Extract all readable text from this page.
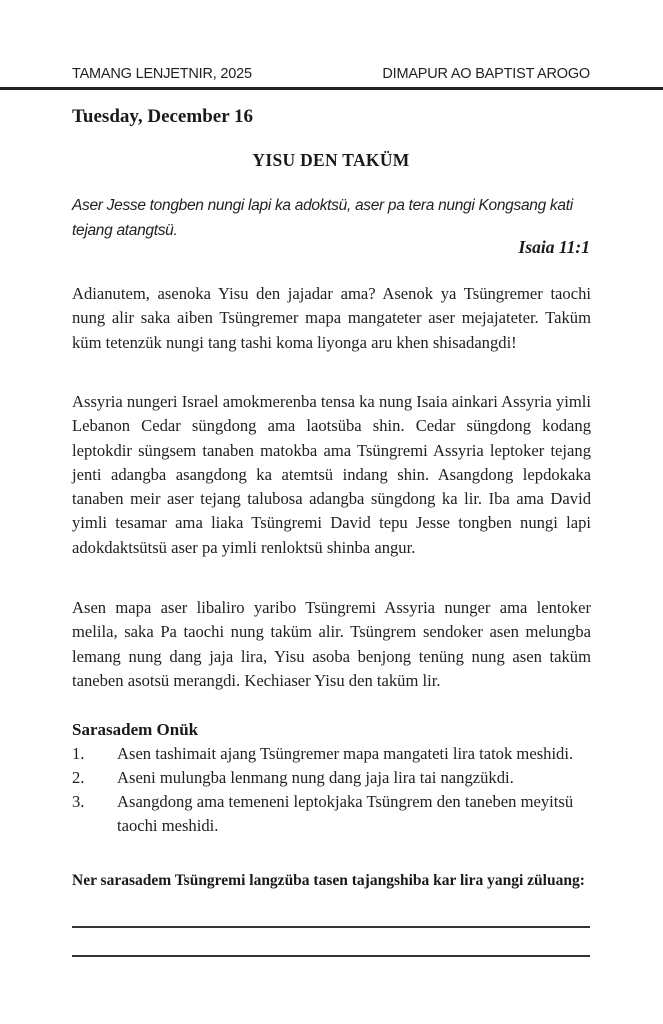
TAMANG LENJETNIR, 2025	DIMAPUR AO BAPTIST AROGO
Tuesday, December 16
YISU DEN TAKÜM
Aser Jesse tongben nungi lapi ka adoktsü, aser pa tera nungi Kongsang kati tejang atangtsü.
Isaia 11:1

Adianutem, asenoka Yisu den jajadar ama? Asenok ya Tsüngremer taochi nung alir saka aiben Tsüngremer mapa mangateter aser mejajateter. Taküm küm tetenzük nungi tang tashi koma liyonga aru khen shisadangdi!

Assyria nungeri Israel amokmerenba tensa ka nung Isaia ainkari Assyria yimli Lebanon Cedar süngdong ama laotsüba shin. Cedar süngdong kodang leptokdir süngsem tanaben matokba ama Tsüngremi Assyria leptoker tejang jenti adangba asangdong ka atemtsü indang shin. Asangdong lepdokaka tanaben meir aser tejang talubosa adangba süngdong ka lir. Iba ama David yimli tesamar ama liaka Tsüngremi David tepu Jesse tongben nungi lapi adokdaktsütsü aser pa yimli renloktsü shinba angur.

Asen mapa aser libaliro yaribo Tsüngremi Assyria nunger ama lentoker melila, saka Pa taochi nung taküm alir. Tsüngrem sendoker asen melungba lemang nung dang jaja lira, Yisu asoba benjong tenüng nung asen taküm taneben asotsü merangdi. Kechiaser Yisu den taküm lir.

Sarasadem Onük
1.	Asen tashimait ajang Tsüngremer mapa mangateti lira tatok meshidi.
2.	Aseni mulungba lenmang nung dang jaja lira tai nangzükdi.
3.	Asangdong ama temeneni leptokjaka Tsüngrem den taneben meyitsü taochi meshidi.
Ner sarasadem Tsüngremi langzüba tasen tajangshiba kar lira yangi züluang:
